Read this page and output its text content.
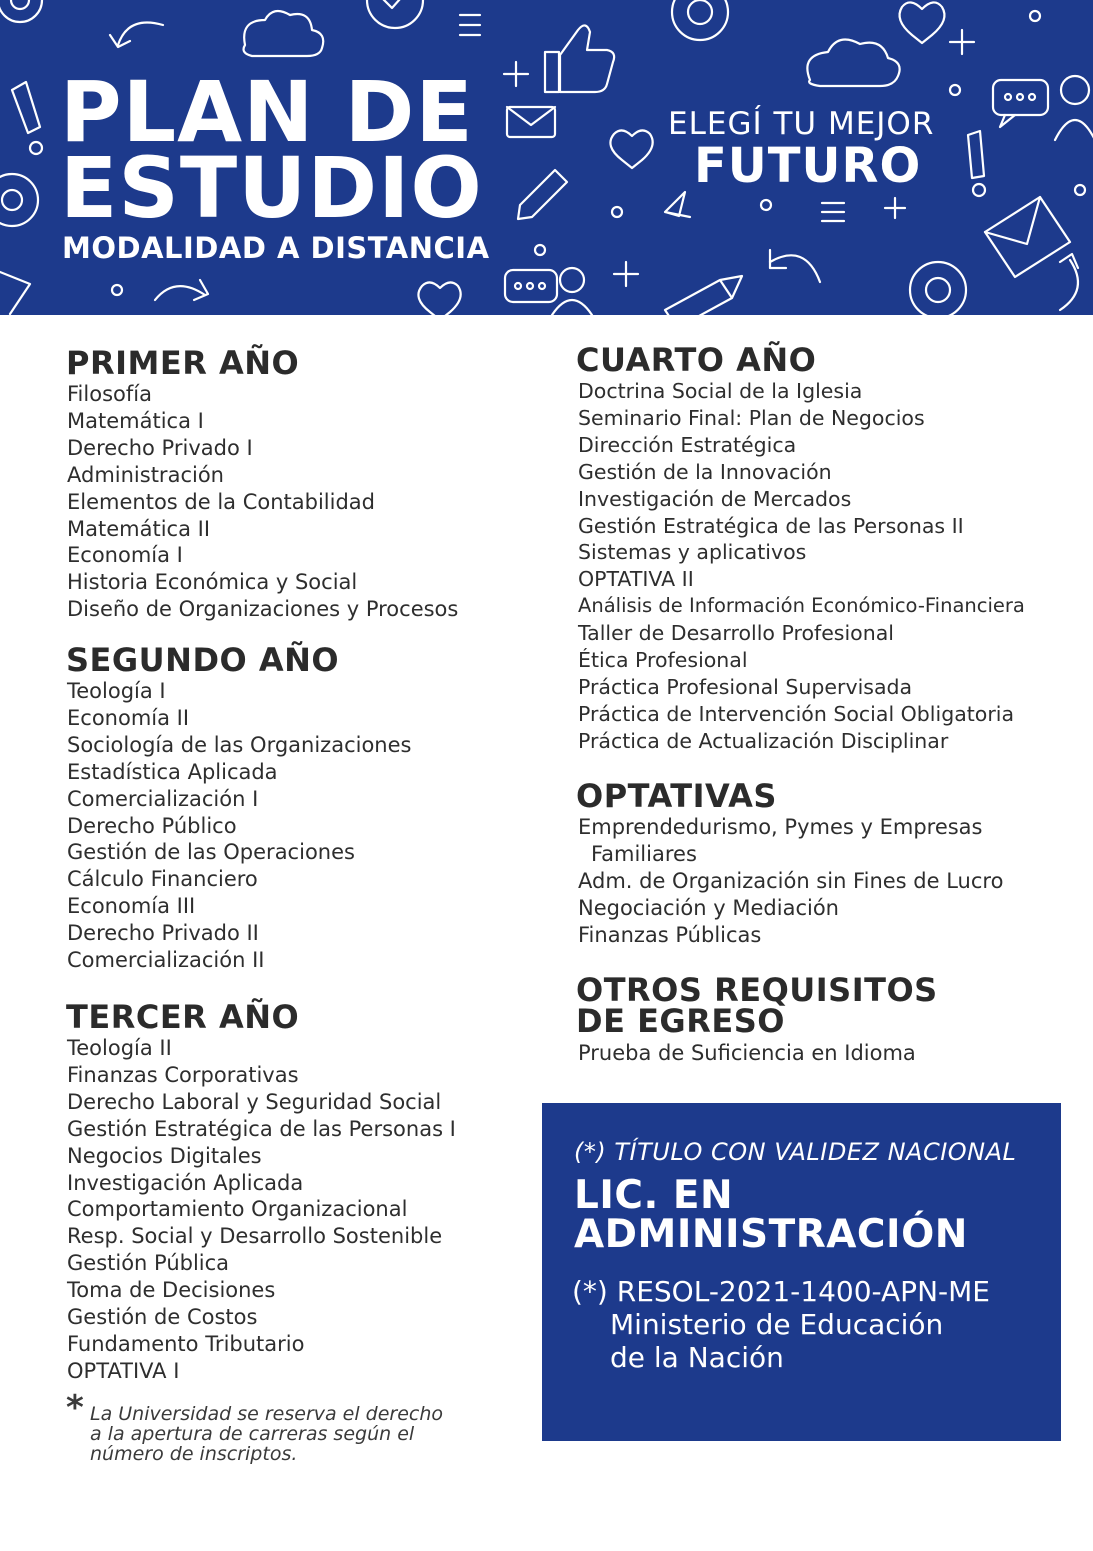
PLAN DE
ESTUDIO
MODALIDAD A DISTANCIA
ELEGÍ TU MEJOR
FUTURO
PRIMER AÑO
Filosofía
Matemática I
Derecho Privado I
Administración
Elementos de la Contabilidad
Matemática II
Economía I
Historia Económica y Social
Diseño de Organizaciones y Procesos
SEGUNDO AÑO
Teología I
Economía II
Sociología de las Organizaciones
Estadística Aplicada
Comercialización I
Derecho Público
Gestión de las Operaciones
Cálculo Financiero
Economía III
Derecho Privado II
Comercialización II
TERCER AÑO
Teología II
Finanzas Corporativas
Derecho Laboral y Seguridad Social
Gestión Estratégica de las Personas I
Negocios Digitales
Investigación Aplicada
Comportamiento Organizacional
Resp. Social y Desarrollo Sostenible
Gestión Pública
Toma de Decisiones
Gestión de Costos
Fundamento Tributario
OPTATIVA I
CUARTO AÑO
Doctrina Social de la Iglesia
Seminario Final: Plan de Negocios
Dirección Estratégica
Gestión de la Innovación
Investigación de Mercados
Gestión Estratégica de las Personas II
Sistemas y aplicativos
OPTATIVA II
Análisis de Información Económico-Financiera
Taller de Desarrollo Profesional
Ética Profesional
Práctica Profesional Supervisada
Práctica de Intervención Social Obligatoria
Práctica de Actualización Disciplinar
OPTATIVAS
Emprendedurismo, Pymes y Empresas
Familiares
Adm. de Organización sin Fines de Lucro
Negociación y Mediación
Finanzas Públicas
OTROS REQUISITOS
DE EGRESO
Prueba de Suficiencia en Idioma
* La Universidad se reserva el derecho
a la apertura de carreras según el
número de inscriptos.
(*) TÍTULO CON VALIDEZ NACIONAL
LIC. EN
ADMINISTRACIÓN
(*) RESOL-2021-1400-APN-ME
Ministerio de Educación
de la Nación
